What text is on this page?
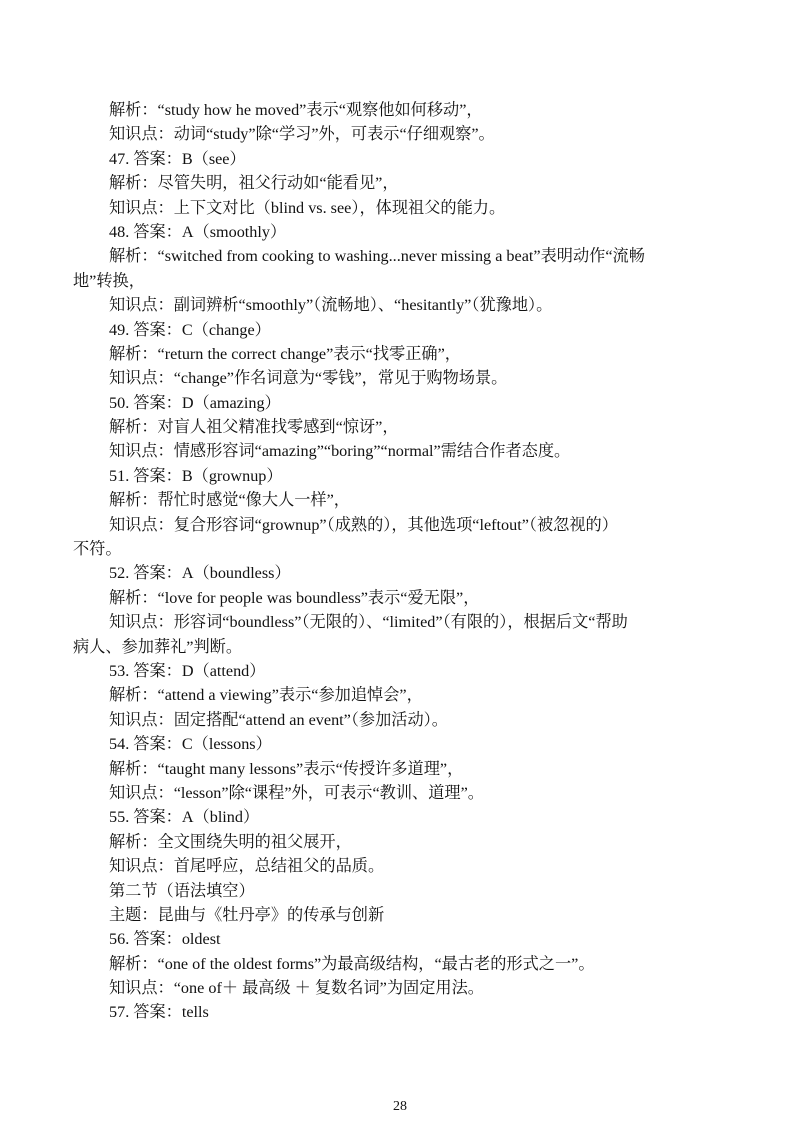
解析：“study how he moved”表示“观察他如何移动”，

知识点：动词“study”除“学习”外，可表示“仔细观察”。

47. 答案：B（see）

解析：尽管失明，祖父行动如“能看见”，

知识点：上下文对比（blind vs. see），体现祖父的能力。

48. 答案：A（smoothly）

解析：“switched from cooking to washing...never missing a beat”表明动作“流畅

地”转换，

知识点：副词辨析“smoothly”（流畅地）、“hesitantly”（犹豫地）。

49. 答案：C（change）

解析：“return the correct change”表示“找零正确”，

知识点：“change”作名词意为“零钱”，常见于购物场景。

50. 答案：D（amazing）

解析：对盲人祖父精准找零感到“惊讶”，

知识点：情感形容词“amazing”“boring”“normal”需结合作者态度。

51. 答案：B（grownup）

解析：帮忙时感觉“像大人一样”，

知识点：复合形容词“grownup”（成熟的），其他选项“leftout”（被忽视的）

不符。

52. 答案：A（boundless）

解析：“love for people was boundless”表示“爱无限”，

知识点：形容词“boundless”（无限的）、“limited”（有限的），根据后文“帮助

病人、参加葬礼”判断。

53. 答案：D（attend）

解析：“attend a viewing”表示“参加追悼会”，

知识点：固定搭配“attend an event”（参加活动）。

54. 答案：C（lessons）

解析：“taught many lessons”表示“传授许多道理”，

知识点：“lesson”除“课程”外，可表示“教训、道理”。

55. 答案：A（blind）

解析：全文围绕失明的祖父展开，

知识点：首尾呼应，总结祖父的品质。

第二节（语法填空）

主题：昆曲与《牡丹亭》的传承与创新

56. 答案：oldest

解析：“one of the oldest forms”为最高级结构，“最古老的形式之一”。

知识点：“one of＋ 最高级 ＋ 复数名词”为固定用法。

57. 答案：tells

28
